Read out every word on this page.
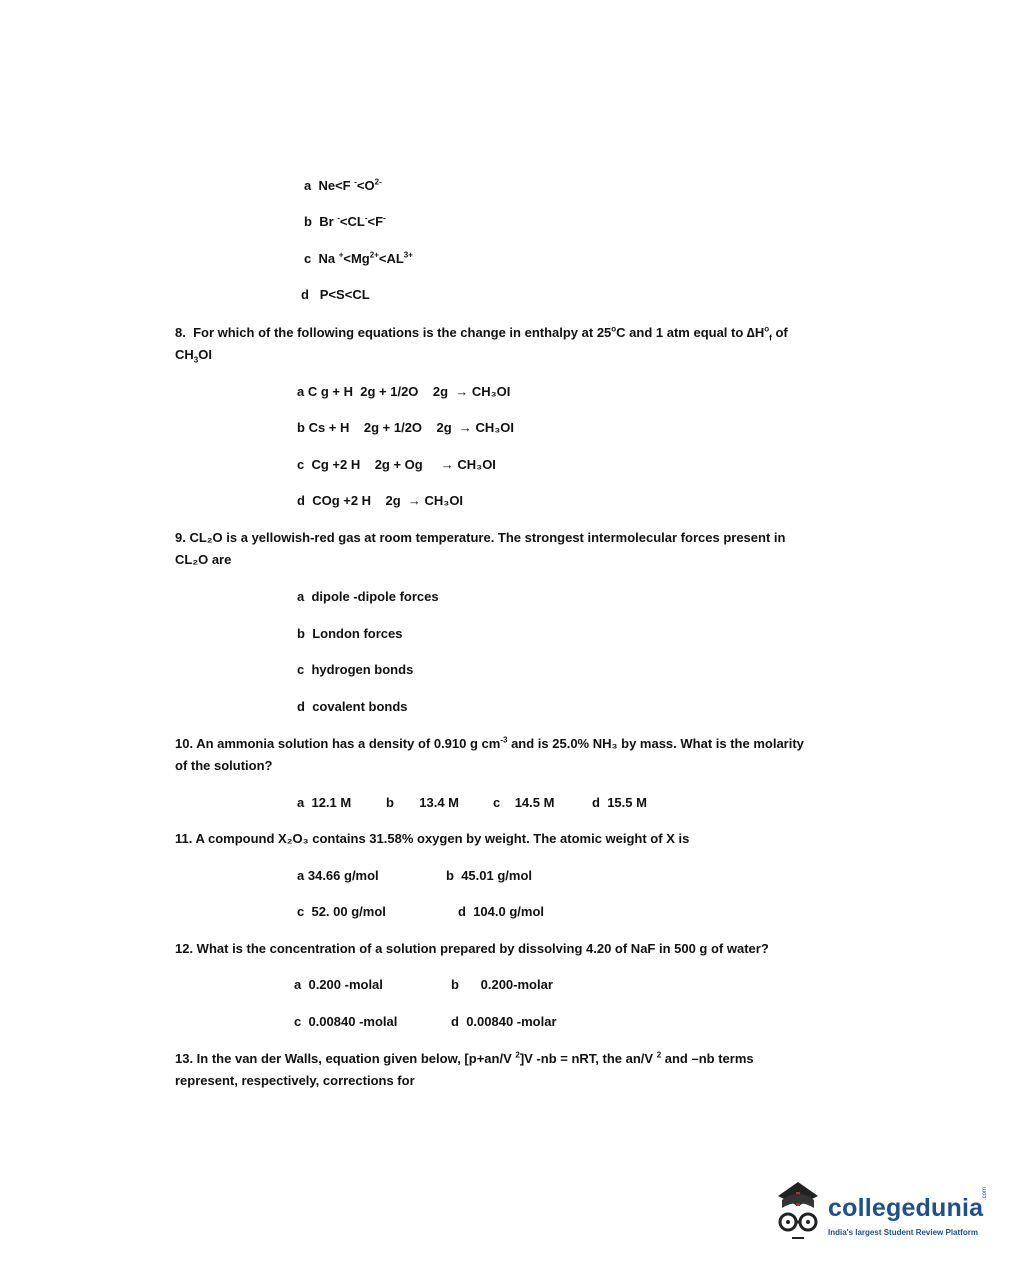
a Ne<F $^-<O^{2-}$
b Br -<CL-<F-
c Na $^+<Mg^{2+}<AL^{3+}$
d P<S<CL
8. For which of the following equations is the change in enthalpy at 25$^o$C and 1 atm equal to $\Delta H^o_f$ of
$CH_3OI$
a C g + H 2g + 1/2O 2g → CH₃OI
b Cs + H 2g + 1/2O 2g → CH₃OI
c Cg +2 H 2g + Og → CH₃OI
d COg +2 H 2g → CH₃OI
9. CL₂O is a yellowish-red gas at room temperature. The strongest intermolecular forces present in
CL₂O are
a dipole -dipole forces
b London forces
c hydrogen bonds
d covalent bonds
10. An ammonia solution has a density of 0.910 g $cm^{-3}$ and is 25.0% NH₃ by mass. What is the molarity
of the solution?
a 12.1 M	b 13.4 M	c 14.5 M	d 15.5 M
11. A compound X₂O₃ contains 31.58% oxygen by weight. The atomic weight of X is
a 34.66 g/mol	b 45.01 g/mol
c 52. 00 g/mol	d 104.0 g/mol
12. What is the concentration of a solution prepared by dissolving 4.20 of NaF in 500 g of water?
a 0.200 -molal	b 0.200-molar
c 0.00840 -molal	d 0.00840 -molar
13. In the van der Walls, equation given below, [p+an/V $^2$]V -nb = nRT, the an/V $^2$ and –nb terms
represent, respectively, corrections for
collegedunia
.com
India's largest Student Review Platform
